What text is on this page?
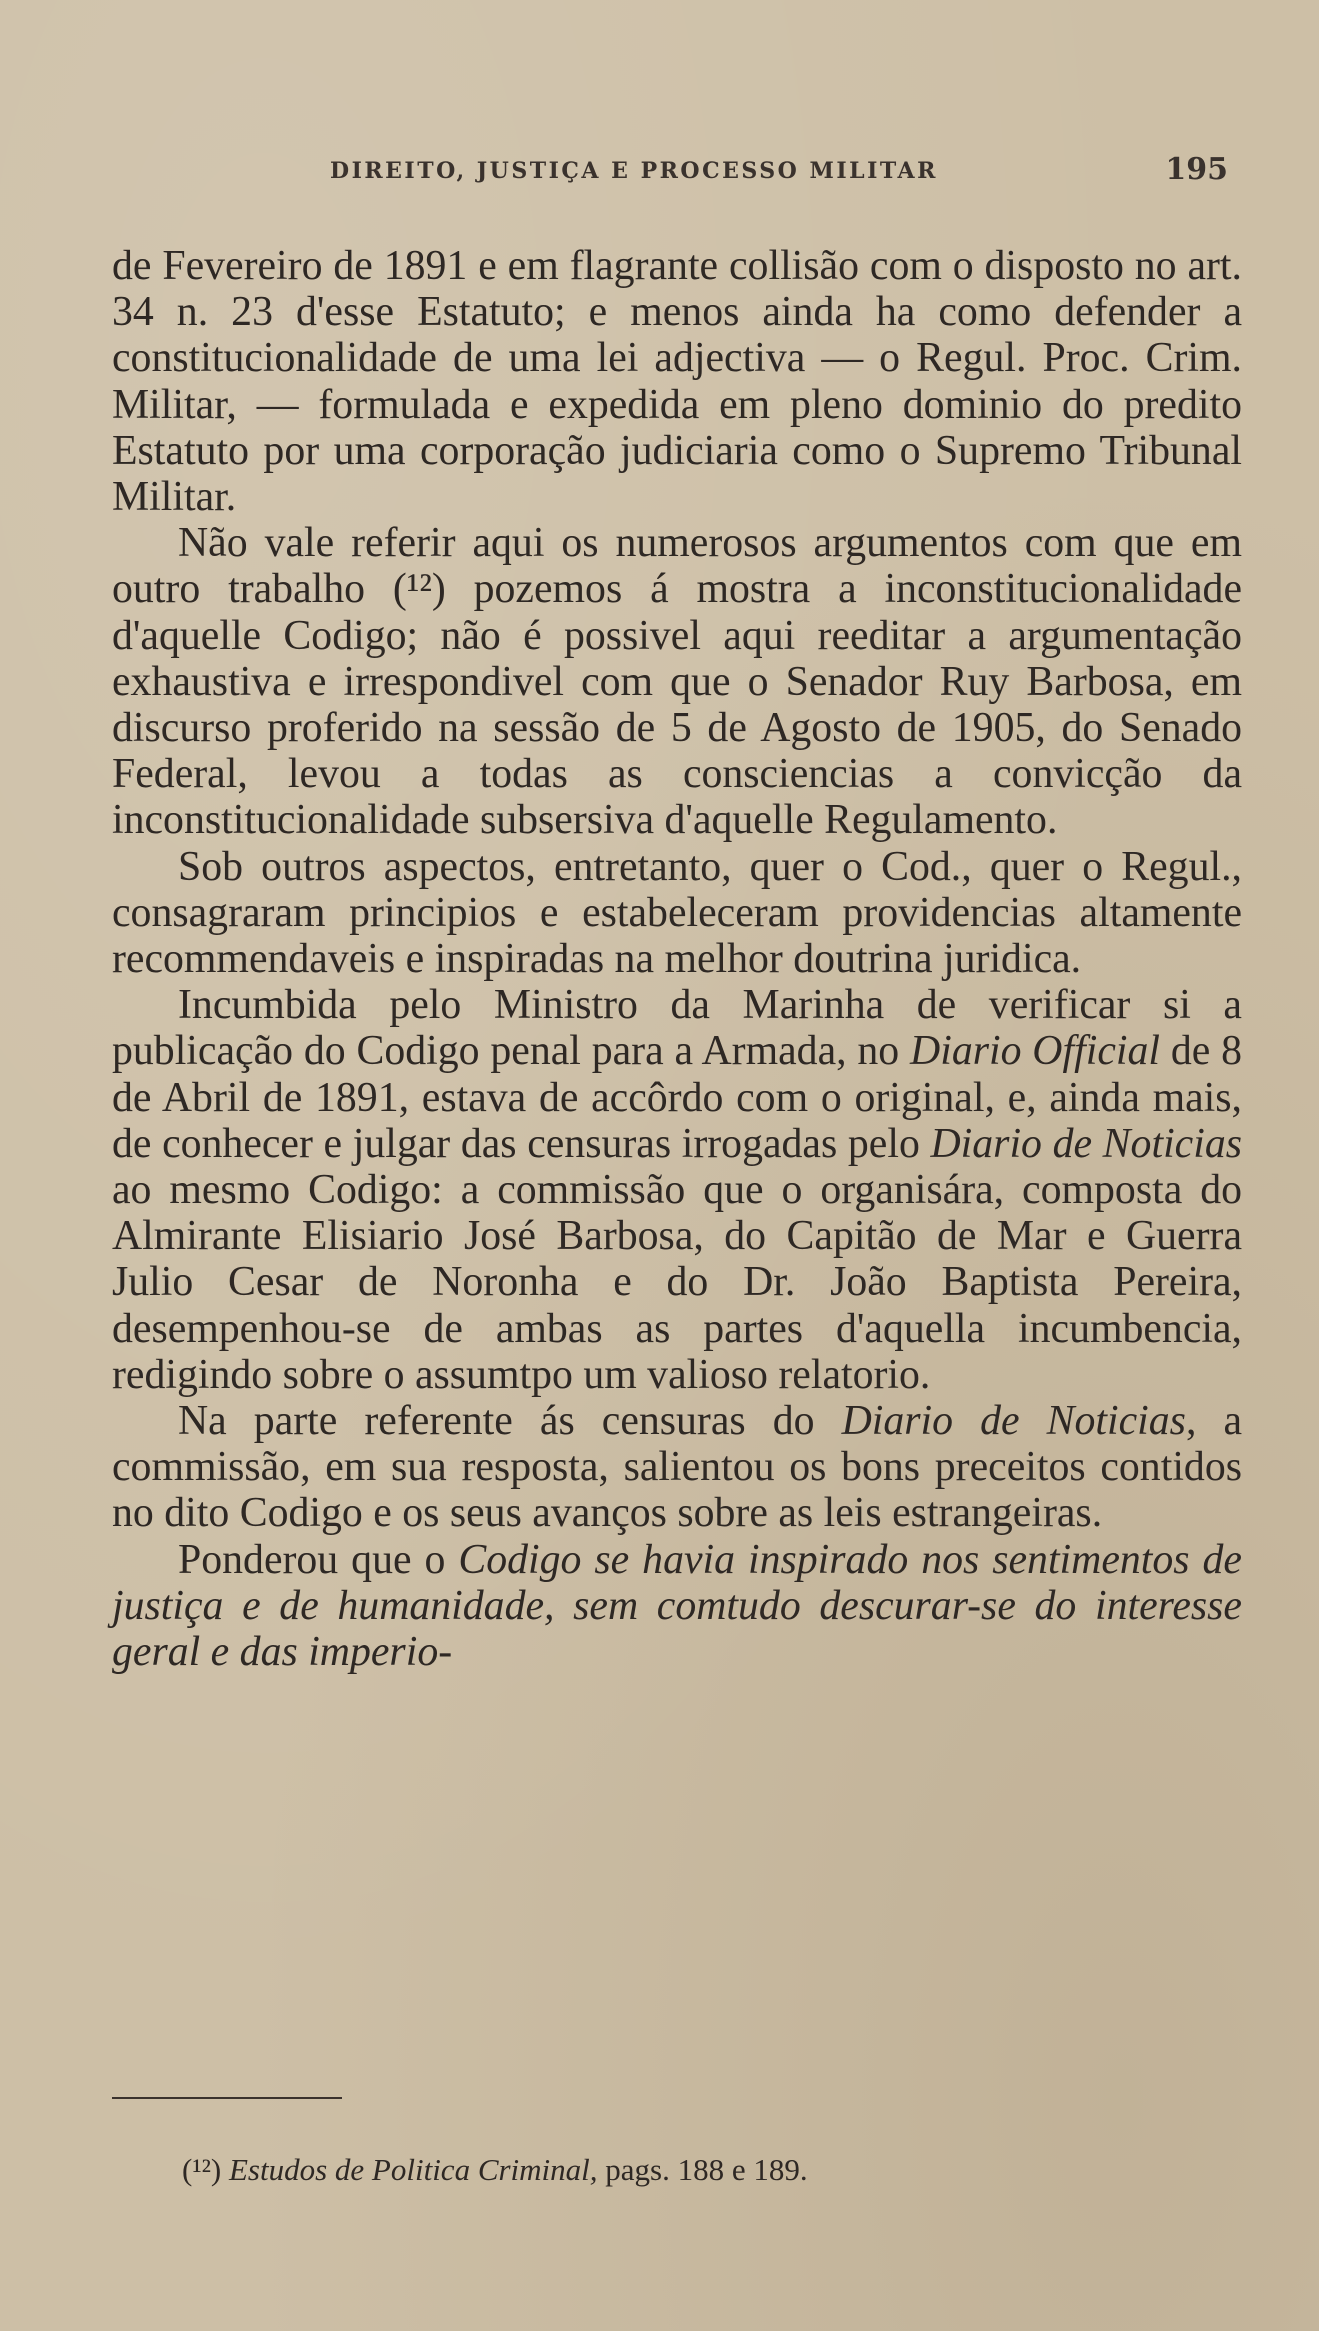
DIREITO, JUSTIÇA E PROCESSO MILITAR	195

de Fevereiro de 1891 e em flagrante collisão com o disposto no art. 34 n. 23 d'esse Estatuto; e menos ainda ha como defender a constitucionalidade de uma lei adjectiva — o Regul. Proc. Crim. Militar, — formulada e expedida em pleno dominio do predito Estatuto por uma corporação judiciaria como o Supremo Tribunal Militar.

Não vale referir aqui os numerosos argumentos com que em outro trabalho (¹²) pozemos á mostra a inconstitucionalidade d'aquelle Codigo; não é possivel aqui reeditar a argumentação exhaustiva e irrespondivel com que o Senador Ruy Barbosa, em discurso proferido na sessão de 5 de Agosto de 1905, do Senado Federal, levou a todas as consciencias a convicção da inconstitucionalidade subsersiva d'aquelle Regulamento.

Sob outros aspectos, entretanto, quer o Cod., quer o Regul., consagraram principios e estabeleceram providencias altamente recommendaveis e inspiradas na melhor doutrina juridica.

Incumbida pelo Ministro da Marinha de verificar si a publicação do Codigo penal para a Armada, no Diario Official de 8 de Abril de 1891, estava de accôrdo com o original, e, ainda mais, de conhecer e julgar das censuras irrogadas pelo Diario de Noticias ao mesmo Codigo: a commissão que o organisára, composta do Almirante Elisiario José Barbosa, do Capitão de Mar e Guerra Julio Cesar de Noronha e do Dr. João Baptista Pereira, desempenhou-se de ambas as partes d'aquella incumbencia, redigindo sobre o assumtpo um valioso relatorio.

Na parte referente ás censuras do Diario de Noticias, a commissão, em sua resposta, salientou os bons preceitos contidos no dito Codigo e os seus avanços sobre as leis estrangeiras.

Ponderou que o Codigo se havia inspirado nos sentimentos de justiça e de humanidade, sem comtudo descurar-se do interesse geral e das imperio-

(¹²) Estudos de Politica Criminal, pags. 188 e 189.
